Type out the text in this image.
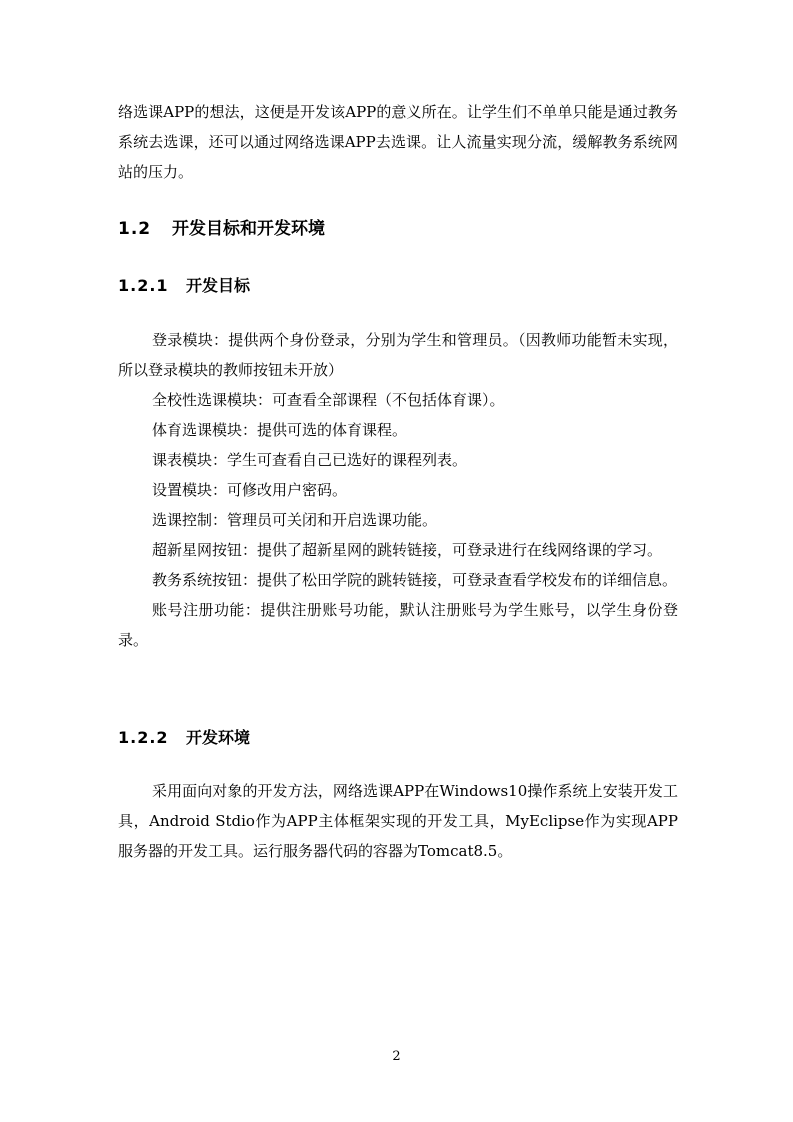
络选课APP的想法，这便是开发该APP的意义所在。让学生们不单单只能是通过教务系统去选课，还可以通过网络选课APP去选课。让人流量实现分流，缓解教务系统网站的压力。

1.2 开发目标和开发环境
1.2.1 开发目标

登录模块：提供两个身份登录，分别为学生和管理员。（因教师功能暂未实现，所以登录模块的教师按钮未开放）

全校性选课模块：可查看全部课程（不包括体育课）。

体育选课模块：提供可选的体育课程。

课表模块：学生可查看自己已选好的课程列表。

设置模块：可修改用户密码。

选课控制：管理员可关闭和开启选课功能。

超新星网按钮：提供了超新星网的跳转链接，可登录进行在线网络课的学习。

教务系统按钮：提供了松田学院的跳转链接，可登录查看学校发布的详细信息。

账号注册功能：提供注册账号功能，默认注册账号为学生账号，以学生身份登录。

1.2.2 开发环境

采用面向对象的开发方法，网络选课APP在Windows10操作系统上安装开发工具，Android Stdio作为APP主体框架实现的开发工具，MyEclipse作为实现APP服务器的开发工具。运行服务器代码的容器为Tomcat8.5。

2
